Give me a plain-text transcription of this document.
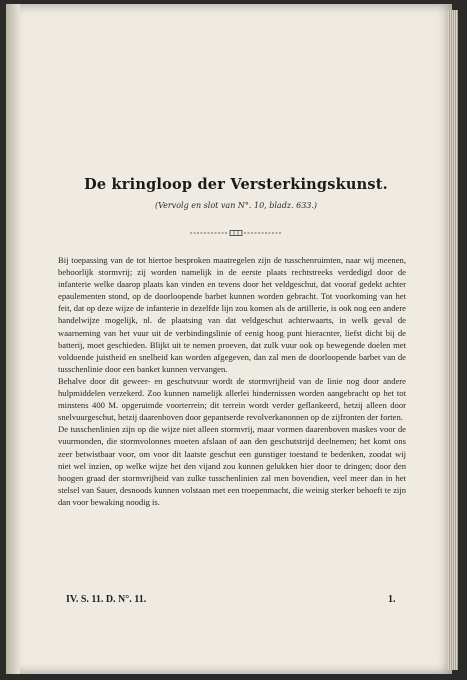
De kringloop der Versterkingskunst.
(Vervolg en slot van N°. 10, bladz. 633.)

Bij toepassing van de tot hiertoe besproken maatregelen zijn de tusschenruimten, naar wij meenen, behoorlijk stormvrij; zij worden namelijk in de eerste plaats rechtstreeks verdedigd door de infanterie welke daarop plaats kan vinden en tevens door het veldgeschut, dat vooraf gedekt achter epaulementen stond, op de doorloopende barbet kunnen worden gebracht. Tot voorkoming van het feit, dat op deze wijze de infanterie in dezelfde lijn zou komen als de artillerie, is ook nog een andere handelwijze mogelijk, nl. de plaatsing van dat veldgeschut achterwaarts, in welk geval de waarneming van het vuur uit de verbindingslinie of eenig hoog punt hieracnter, liefst dicht bij de batterij, moet geschieden. Blijkt uit te nemen proeven, dat zulk vuur ook op bewegende doelen met voldoende juistheid en snelheid kan worden afgegeven, dan zal men de doorloopende barbet van de tusschenlinie door een banket kunnen vervangen.

Behalve door dit geweer- en geschutvuur wordt de stormvrijheid van de linie nog door andere hulpmiddelen verzekerd. Zoo kunnen namelijk allerlei hindernissen worden aangebracht op het tot minstens 400 M. opgeruimde voorterrein; dit terrein wordt verder geflankeerd, hetzij alleen door snelvuurgeschut, hetzij daarenboven door gepantserde revolverkanonnen op de zijfronten der forten.

De tusschenlinien zijn op die wijze niet alleen stormvrij, maar vormen daarenboven maskes voor de vuurmonden, die stormvolonnes moeten afslaan of aan den geschutstrijd deelnemen; het komt ons zeer betwistbaar voor, om voor dit laatste geschut een gunstiger toestand te bedenken, zoodat wij niet wel inzien, op welke wijze het den vijand zou kunnen gelukken hier door te dringen; door den hoogen graad der stormvrijheid van zulke tusschenlinien zal men bovendien, veel meer dan in het stelsel van Sauer, desnoods kunnen volstaan met een troepenmacht, die weinig sterker behoeft te zijn dan voor bewaking noodig is.

IV. S. 11. D. N°. 11.	1.
